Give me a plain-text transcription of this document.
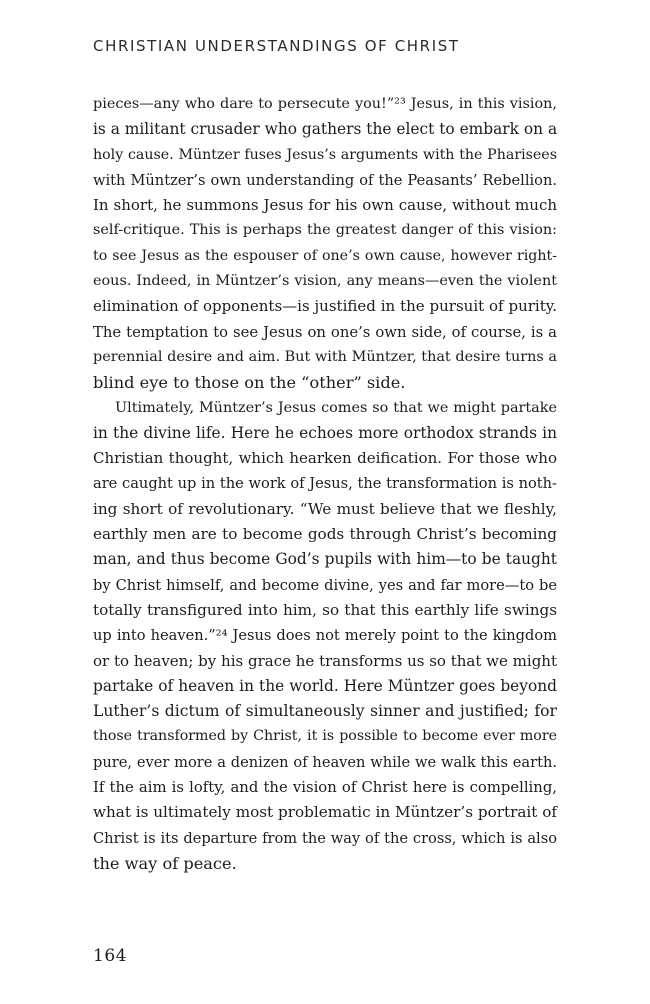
CHRISTIAN UNDERSTANDINGS OF CHRIST
pieces—any who dare to persecute you!”²³ Jesus, in this vision,
is a militant crusader who gathers the elect to embark on a
holy cause. Müntzer fuses Jesus’s arguments with the Pharisees
with Müntzer’s own understanding of the Peasants’ Rebellion.
In short, he summons Jesus for his own cause, without much
self-critique. This is perhaps the greatest danger of this vision:
to see Jesus as the espouser of one’s own cause, however right-
eous. Indeed, in Müntzer’s vision, any means—even the violent
elimination of opponents—is justified in the pursuit of purity.
The temptation to see Jesus on one’s own side, of course, is a
perennial desire and aim. But with Müntzer, that desire turns a
blind eye to those on the “other” side.
Ultimately, Müntzer’s Jesus comes so that we might partake
in the divine life. Here he echoes more orthodox strands in
Christian thought, which hearken deification. For those who
are caught up in the work of Jesus, the transformation is noth-
ing short of revolutionary. “We must believe that we fleshly,
earthly men are to become gods through Christ’s becoming
man, and thus become God’s pupils with him—to be taught
by Christ himself, and become divine, yes and far more—to be
totally transfigured into him, so that this earthly life swings
up into heaven.”²⁴ Jesus does not merely point to the kingdom
or to heaven; by his grace he transforms us so that we might
partake of heaven in the world. Here Müntzer goes beyond
Luther’s dictum of simultaneously sinner and justified; for
those transformed by Christ, it is possible to become ever more
pure, ever more a denizen of heaven while we walk this earth.
If the aim is lofty, and the vision of Christ here is compelling,
what is ultimately most problematic in Müntzer’s portrait of
Christ is its departure from the way of the cross, which is also
the way of peace.
164
